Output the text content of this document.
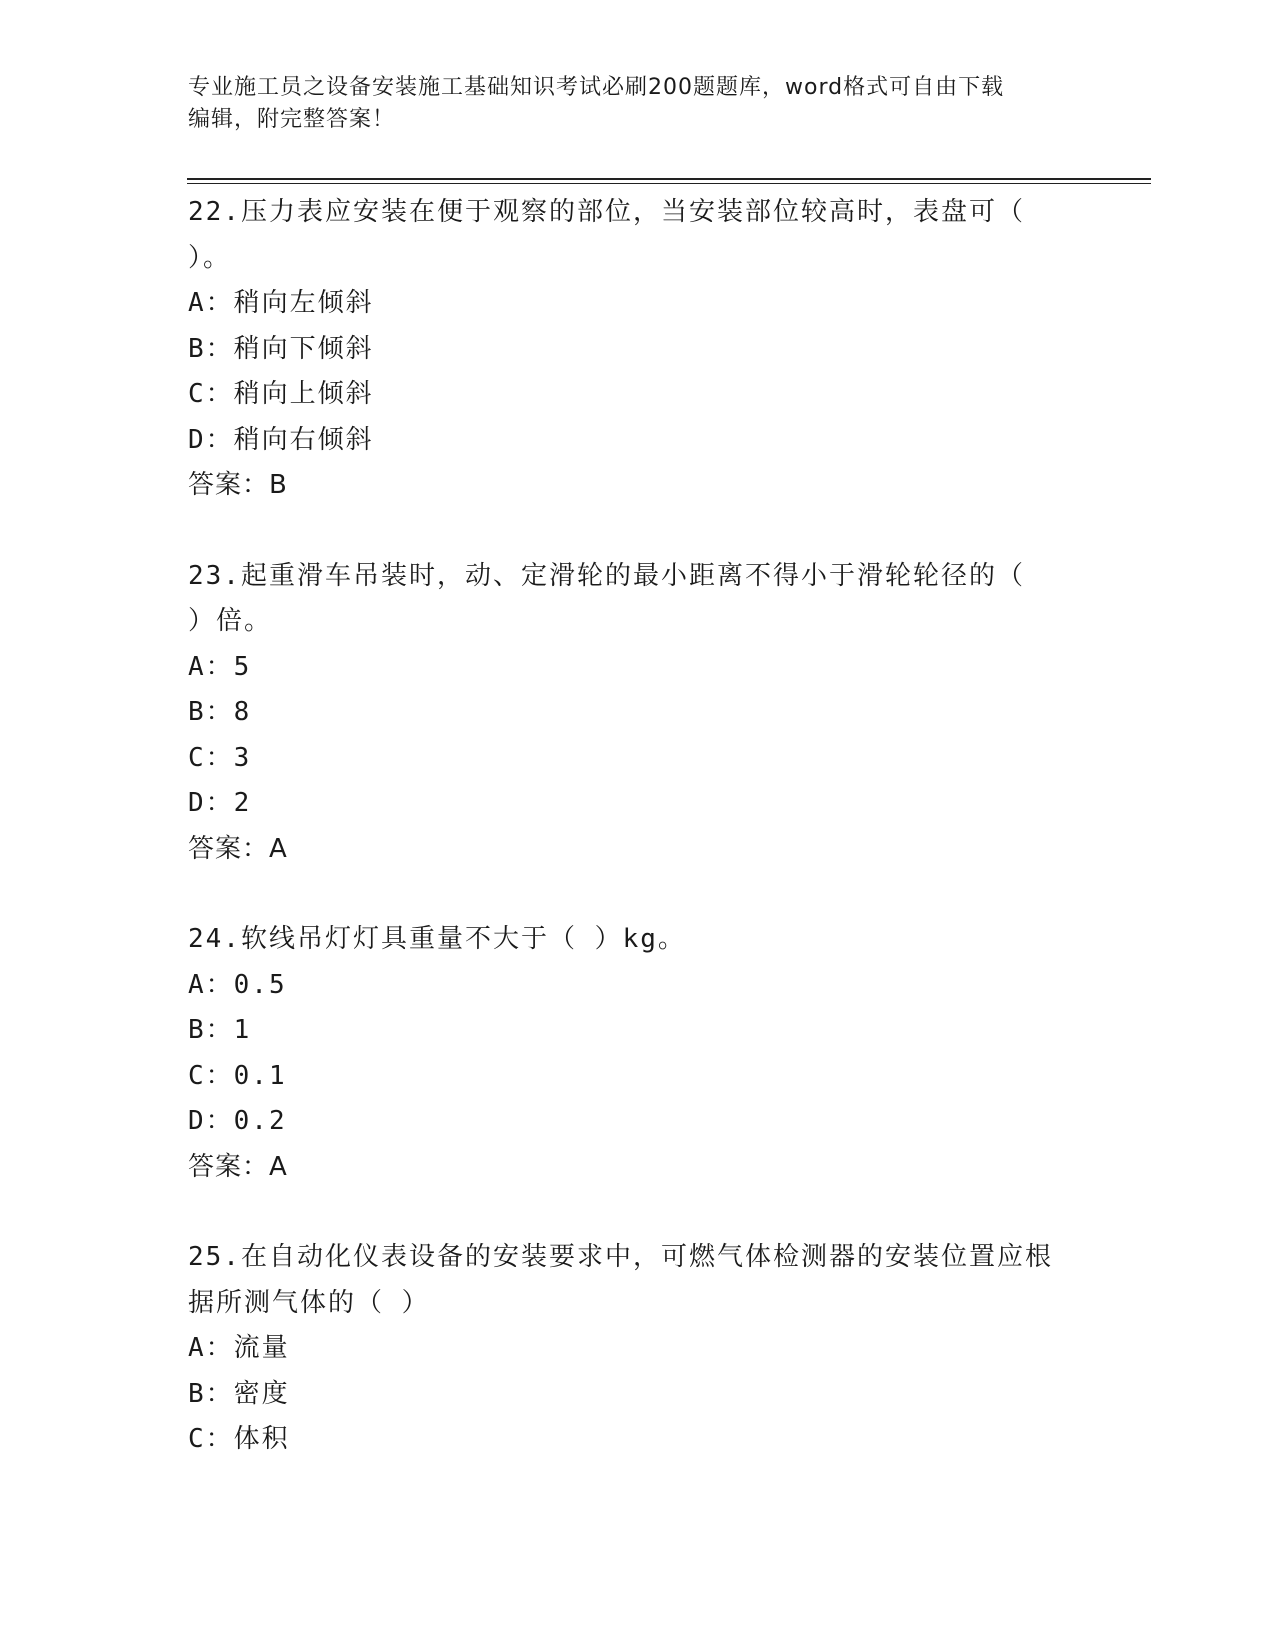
专业施工员之设备安装施工基础知识考试必刷200题题库，word格式可自由下载
编辑，附完整答案！

22.压力表应安装在便于观察的部位，当安装部位较高时，表盘可（

）。

A：稍向左倾斜

B：稍向下倾斜

C：稍向上倾斜

D：稍向右倾斜

答案：B

23.起重滑车吊装时，动、定滑轮的最小距离不得小于滑轮轮径的（

）倍。

A：5

B：8

C：3

D：2

答案：A

24.软线吊灯灯具重量不大于（ ）kg。

A：0.5

B：1

C：0.1

D：0.2

答案：A

25.在自动化仪表设备的安装要求中，可燃气体检测器的安装位置应根

据所测气体的（ ）

A：流量

B：密度

C：体积
